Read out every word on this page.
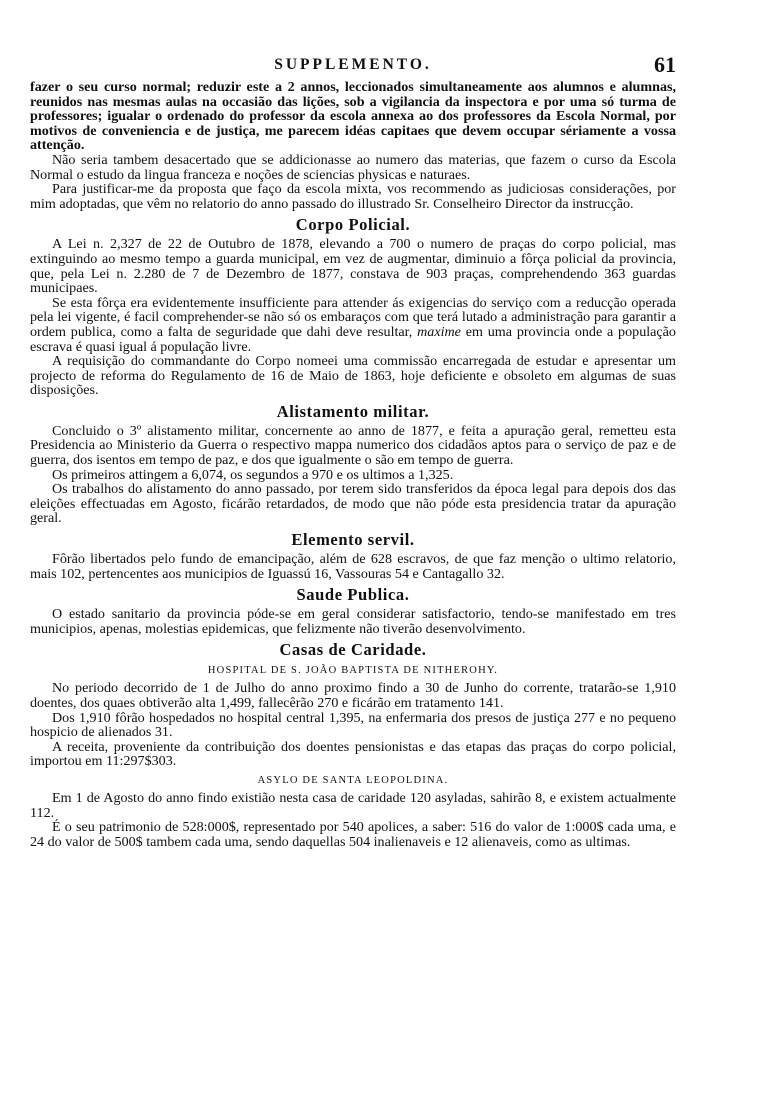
SUPPLEMENTO.	61

fazer o seu curso normal; reduzir este a 2 annos, leccionados simultaneamente aos alumnos e alumnas, reunidos nas mesmas aulas na occasião das lições, sob a vigilancia da inspectora e por uma só turma de professores; igualar o ordenado do professor da escola annexa ao dos professores da Escola Normal, por motivos de conveniencia e de justiça, me parecem idéas capitaes que devem occupar sériamente a vossa attenção.

Não seria tambem desacertado que se addicionasse ao numero das materias, que fazem o curso da Escola Normal o estudo da lingua franceza e noções de sciencias physicas e naturaes.

Para justificar-me da proposta que faço da escola mixta, vos recommendo as judiciosas considerações, por mim adoptadas, que vêm no relatorio do anno passado do illustrado Sr. Conselheiro Director da instrucção.

Corpo Policial.

A Lei n. 2,327 de 22 de Outubro de 1878, elevando a 700 o numero de praças do corpo policial, mas extinguindo ao mesmo tempo a guarda municipal, em vez de augmentar, diminuio a fôrça policial da provincia, que, pela Lei n. 2.280 de 7 de Dezembro de 1877, constava de 903 praças, comprehendendo 363 guardas municipaes.

Se esta fôrça era evidentemente insufficiente para attender ás exigencias do serviço com a reducção operada pela lei vigente, é facil comprehender-se não só os embaraços com que terá lutado a administração para garantir a ordem publica, como a falta de seguridade que dahi deve resultar, maxime em uma provincia onde a população escrava é quasi igual á população livre.

A requisição do commandante do Corpo nomeei uma commissão encarregada de estudar e apresentar um projecto de reforma do Regulamento de 16 de Maio de 1863, hoje deficiente e obsoleto em algumas de suas disposições.

Alistamento militar.

Concluido o 3º alistamento militar, concernente ao anno de 1877, e feita a apuração geral, remetteu esta Presidencia ao Ministerio da Guerra o respectivo mappa numerico dos cidadãos aptos para o serviço de paz e de guerra, dos isentos em tempo de paz, e dos que igualmente o são em tempo de guerra.

Os primeiros attingem a 6,074, os segundos a 970 e os ultimos a 1,325.

Os trabalhos do alistamento do anno passado, por terem sido transferidos da época legal para depois dos das eleições effectuadas em Agosto, ficárão retardados, de modo que não póde esta presidencia tratar da apuração geral.

Elemento servil.

Fôrão libertados pelo fundo de emancipação, além de 628 escravos, de que faz menção o ultimo relatorio, mais 102, pertencentes aos municipios de Iguassú 16, Vassouras 54 e Cantagallo 32.

Saude Publica.

O estado sanitario da provincia póde-se em geral considerar satisfactorio, tendo-se manifestado em tres municipios, apenas, molestias epidemicas, que felizmente não tiverão desenvolvimento.

Casas de Caridade.
HOSPITAL DE S. JOÃO BAPTISTA DE NITHEROHY.

No periodo decorrido de 1 de Julho do anno proximo findo a 30 de Junho do corrente, tratarão-se 1,910 doentes, dos quaes obtiverão alta 1,499, fallecêrão 270 e ficárão em tratamento 141.

Dos 1,910 fôrão hospedados no hospital central 1,395, na enfermaria dos presos de justiça 277 e no pequeno hospicio de alienados 31.

A receita, proveniente da contribuição dos doentes pensionistas e das etapas das praças do corpo policial, importou em 11:297$303.

ASYLO DE SANTA LEOPOLDINA.

Em 1 de Agosto do anno findo existião nesta casa de caridade 120 asyladas, sahirão 8, e existem actualmente 112.

É o seu patrimonio de 528:000$, representado por 540 apolices, a saber: 516 do valor de 1:000$ cada uma, e 24 do valor de 500$ tambem cada uma, sendo daquellas 504 inalienaveis e 12 alienaveis, como as ultimas.
